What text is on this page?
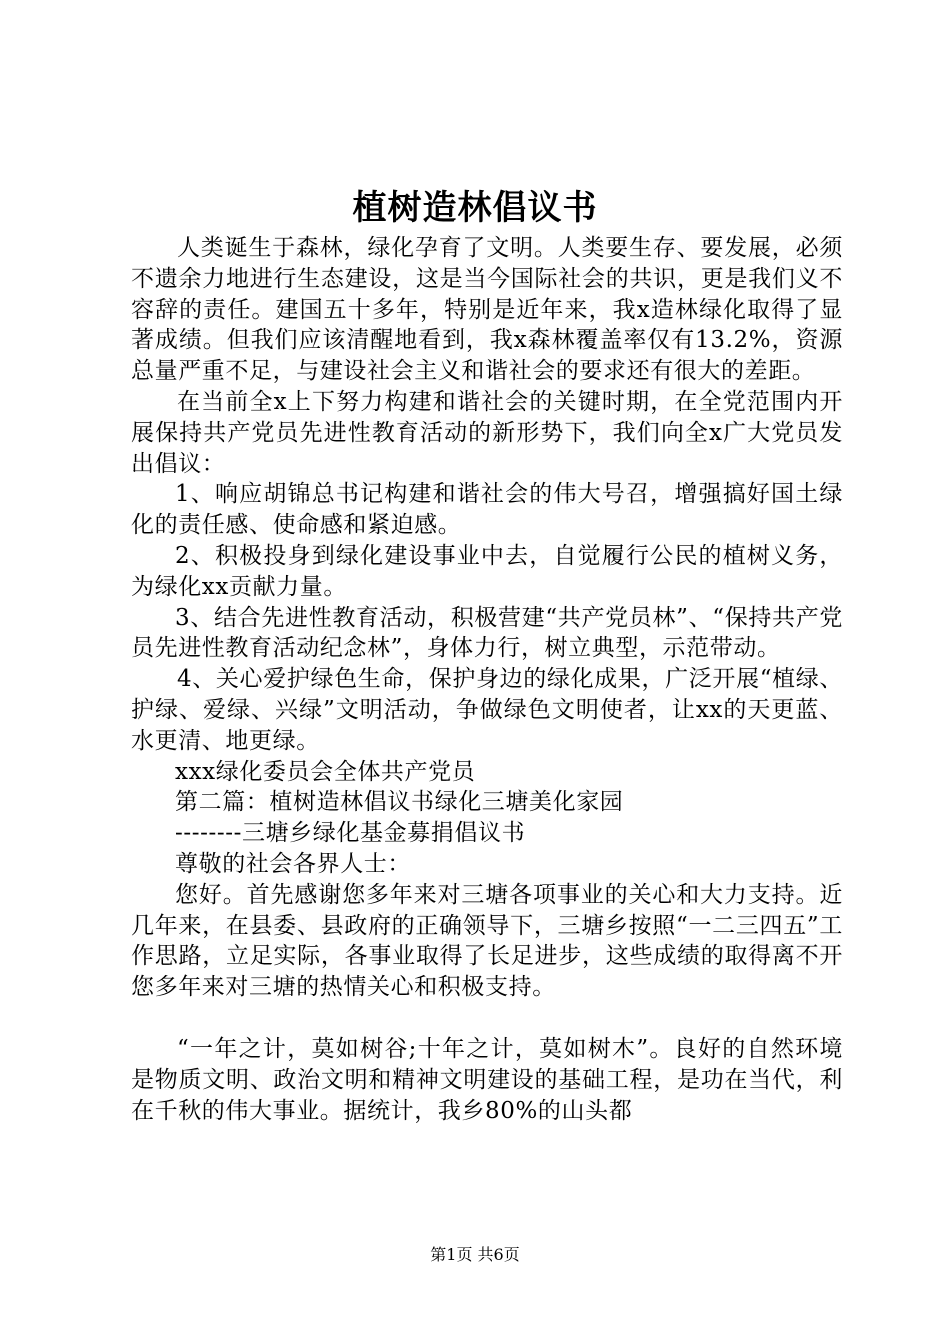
植树造林倡议书

人类诞生于森林，绿化孕育了文明。人类要生存、要发展，必须不遗余力地进行生态建设，这是当今国际社会的共识，更是我们义不容辞的责任。建国五十多年，特别是近年来，我x造林绿化取得了显著成绩。但我们应该清醒地看到，我x森林覆盖率仅有13.2%，资源总量严重不足，与建设社会主义和谐社会的要求还有很大的差距。

在当前全x上下努力构建和谐社会的关键时期，在全党范围内开展保持共产党员先进性教育活动的新形势下，我们向全x广大党员发出倡议：

1、响应胡锦总书记构建和谐社会的伟大号召，增强搞好国土绿化的责任感、使命感和紧迫感。

2、积极投身到绿化建设事业中去，自觉履行公民的植树义务，为绿化xx贡献力量。

3、结合先进性教育活动，积极营建“共产党员林”、“保持共产党员先进性教育活动纪念林”，身体力行，树立典型，示范带动。

4、关心爱护绿色生命，保护身边的绿化成果，广泛开展“植绿、护绿、爱绿、兴绿”文明活动，争做绿色文明使者，让xx的天更蓝、水更清、地更绿。

xxx绿化委员会全体共产党员

第二篇：植树造林倡议书绿化三塘美化家园

--------三塘乡绿化基金募捐倡议书

尊敬的社会各界人士：

您好。首先感谢您多年来对三塘各项事业的关心和大力支持。近几年来，在县委、县政府的正确领导下，三塘乡按照“一二三四五”工作思路，立足实际，各事业取得了长足进步，这些成绩的取得离不开您多年来对三塘的热情关心和积极支持。

“一年之计，莫如树谷;十年之计，莫如树木”。良好的自然环境是物质文明、政治文明和精神文明建设的基础工程，是功在当代，利在千秋的伟大事业。据统计，我乡80%的山头都

第1页 共6页
